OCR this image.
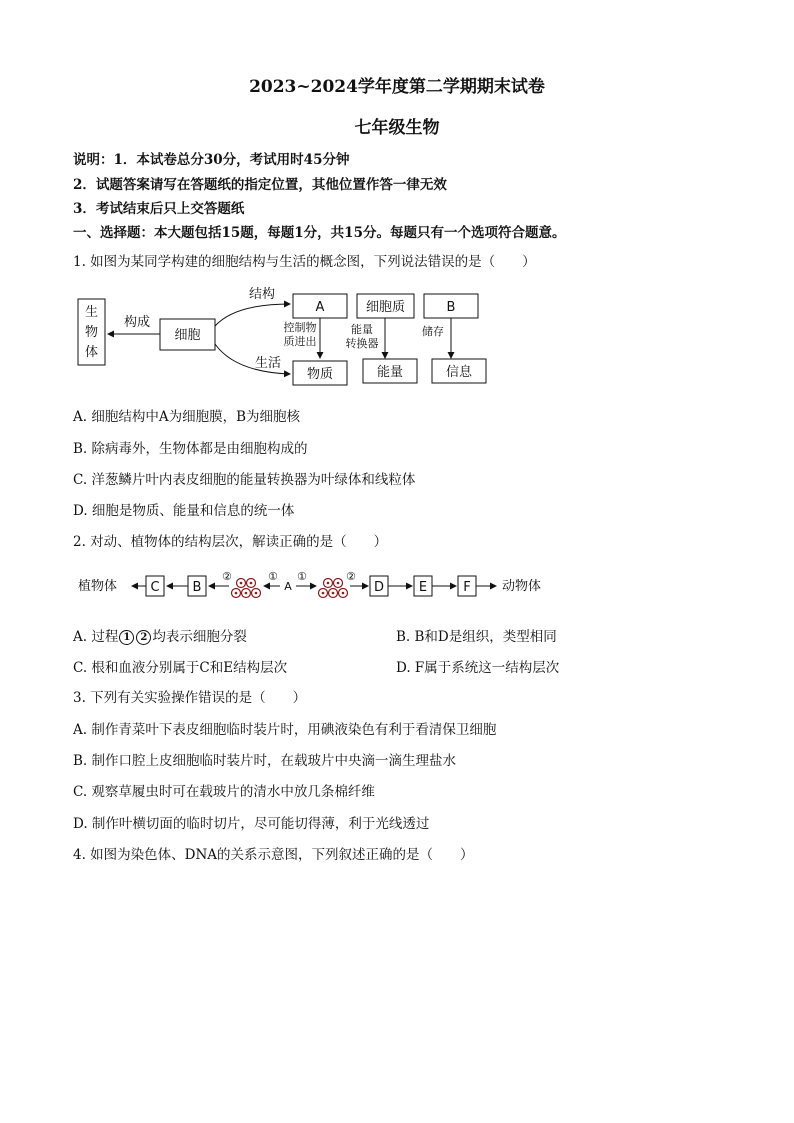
2023~2024学年度第二学期期末试卷
七年级生物
说明：1．本试卷总分30分，考试用时45分钟
2．试题答案请写在答题纸的指定位置，其他位置作答一律无效
3．考试结束后只上交答题纸
一、选择题：本大题包括15题，每题1分，共15分。每题只有一个选项符合题意。
1. 如图为某同学构建的细胞结构与生活的概念图，下列说法错误的是（　　）
生
物
体
细胞
构成
结构
生活
A	细胞质	B
控制物
质进出
能量
转换器
储存
物质	能量	信息
A. 细胞结构中A为细胞膜，B为细胞核
B. 除病毒外，生物体都是由细胞构成的
C. 洋葱鳞片叶内表皮细胞的能量转换器为叶绿体和线粒体
D. 细胞是物质、能量和信息的统一体
2. 对动、植物体的结构层次，解读正确的是（　　）
植物体	C	B
②	①
A
①	②
D	E	F 动物体
A. 过程 1 2 均表示细胞分裂	B. B和D是组织，类型相同
C. 根和血液分别属于C和E结构层次	D. F属于系统这一结构层次
3. 下列有关实验操作错误的是（　　）
A. 制作青菜叶下表皮细胞临时装片时，用碘液染色有利于看清保卫细胞
B. 制作口腔上皮细胞临时装片时，在载玻片中央滴一滴生理盐水
C. 观察草履虫时可在载玻片的清水中放几条棉纤维
D. 制作叶横切面的临时切片，尽可能切得薄，利于光线透过
4. 如图为染色体、DNA的关系示意图，下列叙述正确的是（　　）
